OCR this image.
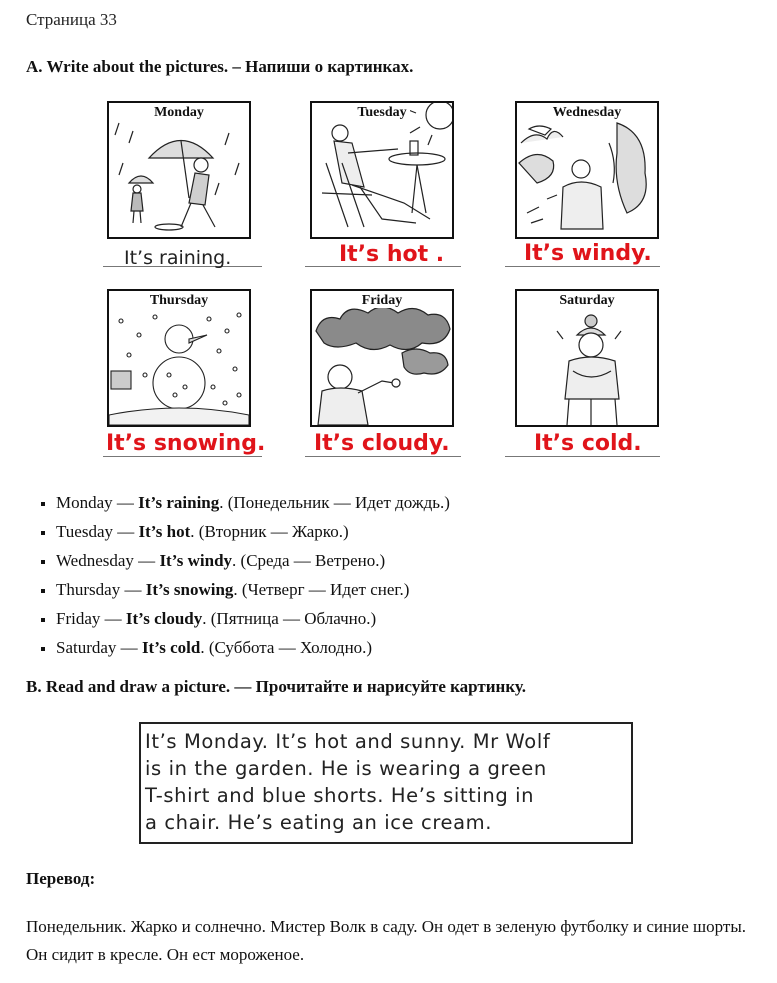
Страница 33
A. Write about the pictures. – Напиши о картинках.
Monday
It’s raining.
Tuesday
It’s hot .
Wednesday
It’s windy.
Thursday
It’s snowing.
Friday
It’s cloudy.
Saturday
It’s cold.
▪ Monday — It’s raining. (Понедельник — Идет дождь.)
▪ Tuesday — It’s hot. (Вторник — Жарко.)
▪ Wednesday — It’s windy. (Среда — Ветрено.)
▪ Thursday — It’s snowing. (Четверг — Идет снег.)
▪ Friday — It’s cloudy. (Пятница — Облачно.)
▪ Saturday — It’s cold. (Суббота — Холодно.)
B. Read and draw a picture. — Прочитайте и нарисуйте картинку.
It’s Monday. It’s hot and sunny. Mr Wolf
is in the garden. He is wearing a green
T-shirt and blue shorts. He’s sitting in
a chair. He’s eating an ice cream.
Перевод:
Понедельник. Жарко и солнечно. Мистер Волк в саду. Он одет в зеленую футболку и синие шорты. Он сидит в кресле. Он ест мороженое.
